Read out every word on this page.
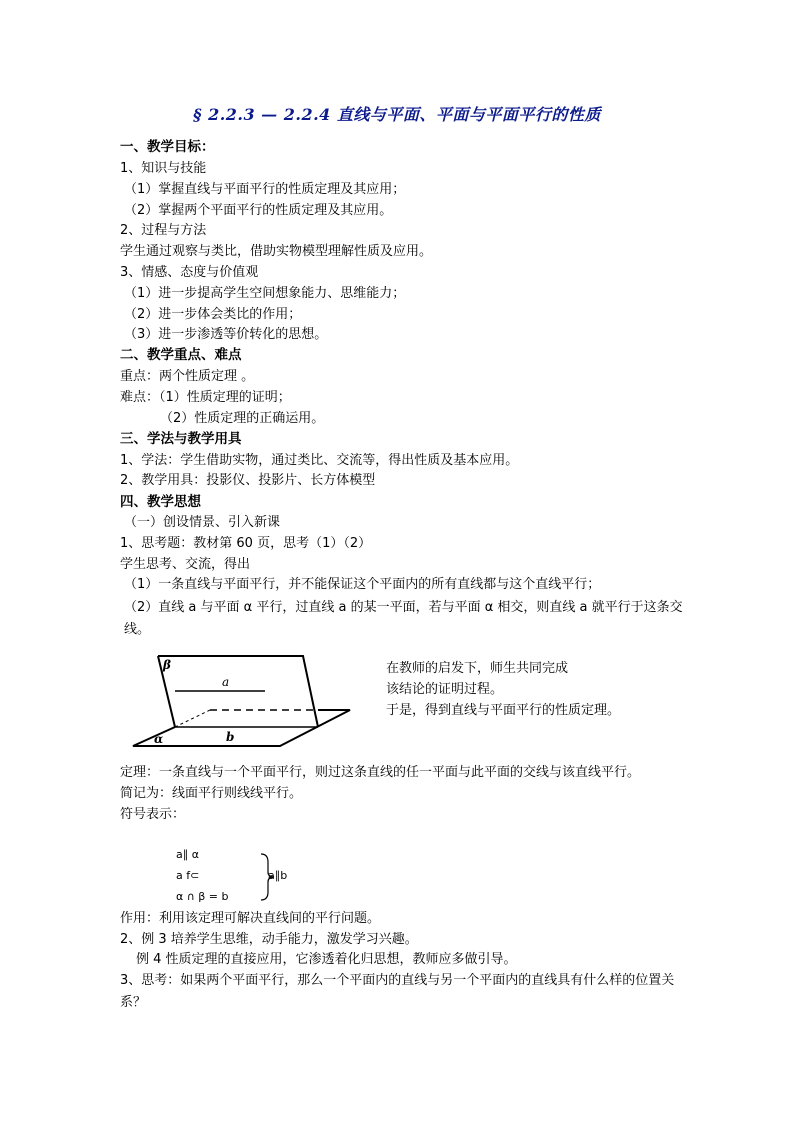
§ 2.2.3 — 2.2.4 直线与平面、平面与平面平行的性质
一、教学目标：
1、知识与技能
（1）掌握直线与平面平行的性质定理及其应用；
（2）掌握两个平面平行的性质定理及其应用。
2、过程与方法
学生通过观察与类比，借助实物模型理解性质及应用。
3、情感、态度与价值观
（1）进一步提高学生空间想象能力、思维能力；
（2）进一步体会类比的作用；
（3）进一步渗透等价转化的思想。
二、教学重点、难点
重点：两个性质定理 。
难点：（1）性质定理的证明；
（2）性质定理的正确运用。
三、学法与教学用具
1、学法：学生借助实物，通过类比、交流等，得出性质及基本应用。
2、教学用具：投影仪、投影片、长方体模型
四、教学思想
（一）创设情景、引入新课
1、思考题：教材第 60 页，思考（1）（2）
学生思考、交流，得出
（1）一条直线与平面平行，并不能保证这个平面内的所有直线都与这个直线平行；
（2）直线 a 与平面 α 平行，过直线 a 的某一平面，若与平面 α 相交，则直线 a 就平行于这条交线。
β
a
b
α
在教师的启发下，师生共同完成
该结论的证明过程。
于是，得到直线与平面平行的性质定理。
定理：一条直线与一个平面平行，则过这条直线的任一平面与此平面的交线与该直线平行。
简记为：线面平行则线线平行。
符号表示：
a∥ α
a f⊂
α ∩ β = b
a∥b
作用：利用该定理可解决直线间的平行问题。
2、例 3 培养学生思维，动手能力，激发学习兴趣。
例 4 性质定理的直接应用，它渗透着化归思想，教师应多做引导。
3、思考：如果两个平面平行，那么一个平面内的直线与另一个平面内的直线具有什么样的位置关系？
